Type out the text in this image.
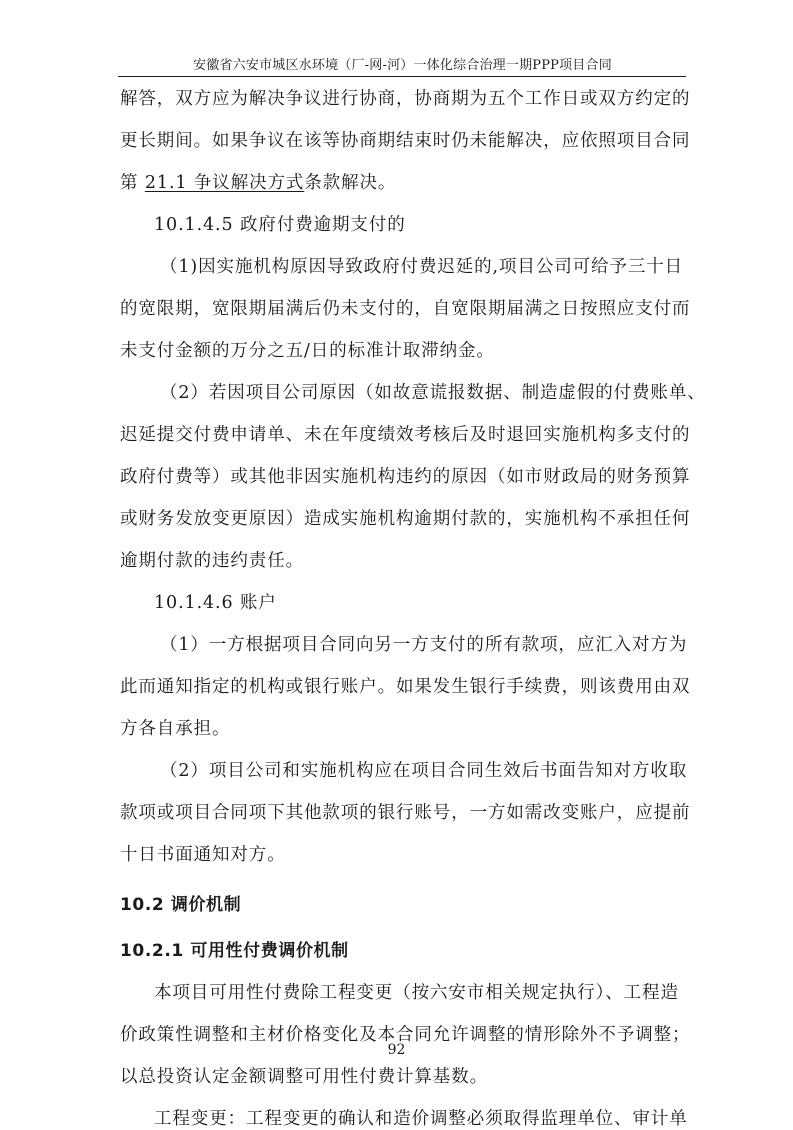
安徽省六安市城区水环境（厂-网-河）一体化综合治理一期PPP项目合同
解答，双方应为解决争议进行协商，协商期为五个工作日或双方约定的
更长期间。如果争议在该等协商期结束时仍未能解决，应依照项目合同
第 21.1 争议解决方式条款解决。
10.1.4.5 政府付费逾期支付的
（1)因实施机构原因导致政府付费迟延的,项目公司可给予三十日
的宽限期，宽限期届满后仍未支付的，自宽限期届满之日按照应支付而
未支付金额的万分之五/日的标准计取滞纳金。
（2）若因项目公司原因（如故意谎报数据、制造虚假的付费账单、
迟延提交付费申请单、未在年度绩效考核后及时退回实施机构多支付的
政府付费等）或其他非因实施机构违约的原因（如市财政局的财务预算
或财务发放变更原因）造成实施机构逾期付款的，实施机构不承担任何
逾期付款的违约责任。
10.1.4.6 账户
（1）一方根据项目合同向另一方支付的所有款项，应汇入对方为
此而通知指定的机构或银行账户。如果发生银行手续费，则该费用由双
方各自承担。
（2）项目公司和实施机构应在项目合同生效后书面告知对方收取
款项或项目合同项下其他款项的银行账号，一方如需改变账户，应提前
十日书面通知对方。
10.2 调价机制
10.2.1 可用性付费调价机制
本项目可用性付费除工程变更（按六安市相关规定执行）、工程造
价政策性调整和主材价格变化及本合同允许调整的情形除外不予调整；
以总投资认定金额调整可用性付费计算基数。
工程变更：工程变更的确认和造价调整必须取得监理单位、审计单
92
